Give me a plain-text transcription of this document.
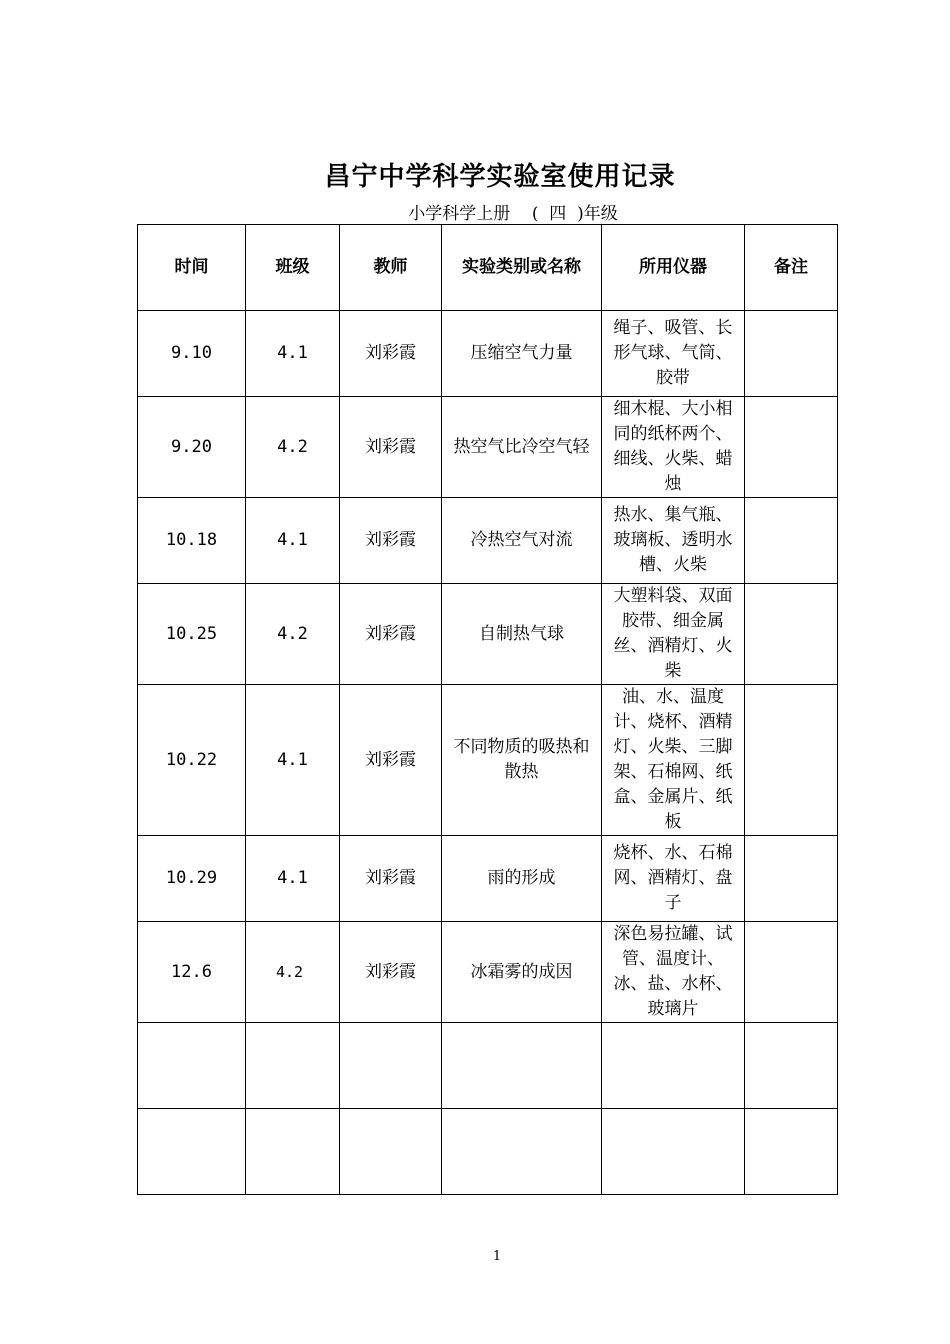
昌宁中学科学实验室使用记录
小学科学上册    (  四  )年级
时间	班级	教师	实验类别或名称	所用仪器	备注
9.10	4.1	刘彩霞	压缩空气力量	绳子、吸管、长形气球、气筒、胶带	
9.20	4.2	刘彩霞	热空气比冷空气轻	细木棍、大小相同的纸杯两个、细线、火柴、蜡烛	
10.18	4.1	刘彩霞	冷热空气对流	热水、集气瓶、玻璃板、透明水槽、火柴	
10.25	4.2	刘彩霞	自制热气球	大塑料袋、双面胶带、细金属丝、酒精灯、火柴	
10.22	4.1	刘彩霞	不同物质的吸热和散热	油、水、温度计、烧杯、酒精灯、火柴、三脚架、石棉网、纸盒、金属片、纸板	
10.29	4.1	刘彩霞	雨的形成	烧杯、水、石棉网、酒精灯、盘子	
12.6	4.2	刘彩霞	冰霜雾的成因	深色易拉罐、试管、温度计、冰、盐、水杯、玻璃片	

1
